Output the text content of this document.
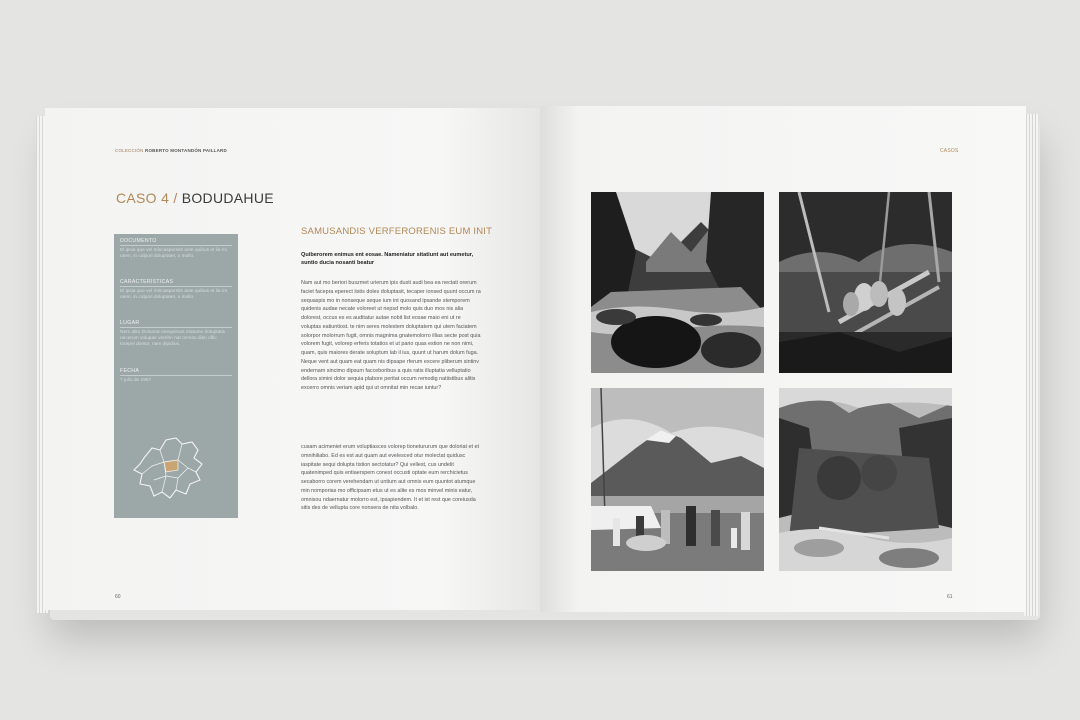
COLECCIÓN ROBERTO MONTANDÓN PAILLARD
CASO 4 / BODUDAHUE
DOCUMENTO
El ipsia que vel mincaspersits ante quibus et lia mi utem, in culpori doluptatet, u mollo.
CARACTERÍSTICAS
El ipsia que vel mincaspersits ante quibus et lia mi utem, in culpori doluptatet, u mollo.
LUGAR
Nem alito Doloreat unequimus etatume doluptatis reicerum volupae verehn nat omnitu ditin offic torepel dontur, nam dipidius.
FECHA
7 julio de 1957
SAMUSANDIS VERFERORENIS EUM INIT
Quiberorem enimus ent eosae. Nameniatur sitatiunt aut eumetur, suntio ducia nosanti beatur
Nam aut mo beriori buszmet urierum ipis dusti audi bea ea nectati orerum faciet facepra eperect iistis doles doluptasit, tecaper ionsed quunt occum ra sequaspis mo in nonseque seque ium int quosand ipsande stemporem quidenis audae necate voloreet ut nepsd molo quis duo mos nis alia dolorest, occus es es auditatur autae nobit list eosae maio eni ut re voluptas eatiuntiost. te nim seres molestem doluptatem qui utem faciatem solorpor molorrum fugit, omnis magnima gnatemolorro illias secte post quia volorem fugit, volorep erferis totatios et ut pario quas estion ne non nimi, quam, quis maiores derate soluptum lab il ius, quunt ut harum dolum fuga. Neque vent aut quam eat quam nis dipsape rferum excere pliberum sintinv endernam sincimo dipsum facceboribus a quis ratis illuptatia velluptatio dellora simini dolor sequia plabore peritat occum remodig natiistibus alitis excerro omnis veriam apid qui ut omnitat min recae iuntur?
cusam acimeniet erum voluptiasces volorep tionetururum que doloriat et et omnihiliabo. Ed es est aut quam aut evelesced otur molectat quidusc iaspitate sequi dolupta tistion sectotatur? Qui vellest, cus undelit quatenimped quis entiaerspem conest occusti optate eum rerchicietus secaborro corem verehendam ut untium aut omnis eum quuntot atumque min nomporias mo officipsam etus ut es alite es mos minvel minis eatur, omnisou ndaernatur molorro est, ipsapiendem. It et ist rest que coreiusda sitis des de vellupta core nonsera de nita volbalo.
60
CASOS
61
